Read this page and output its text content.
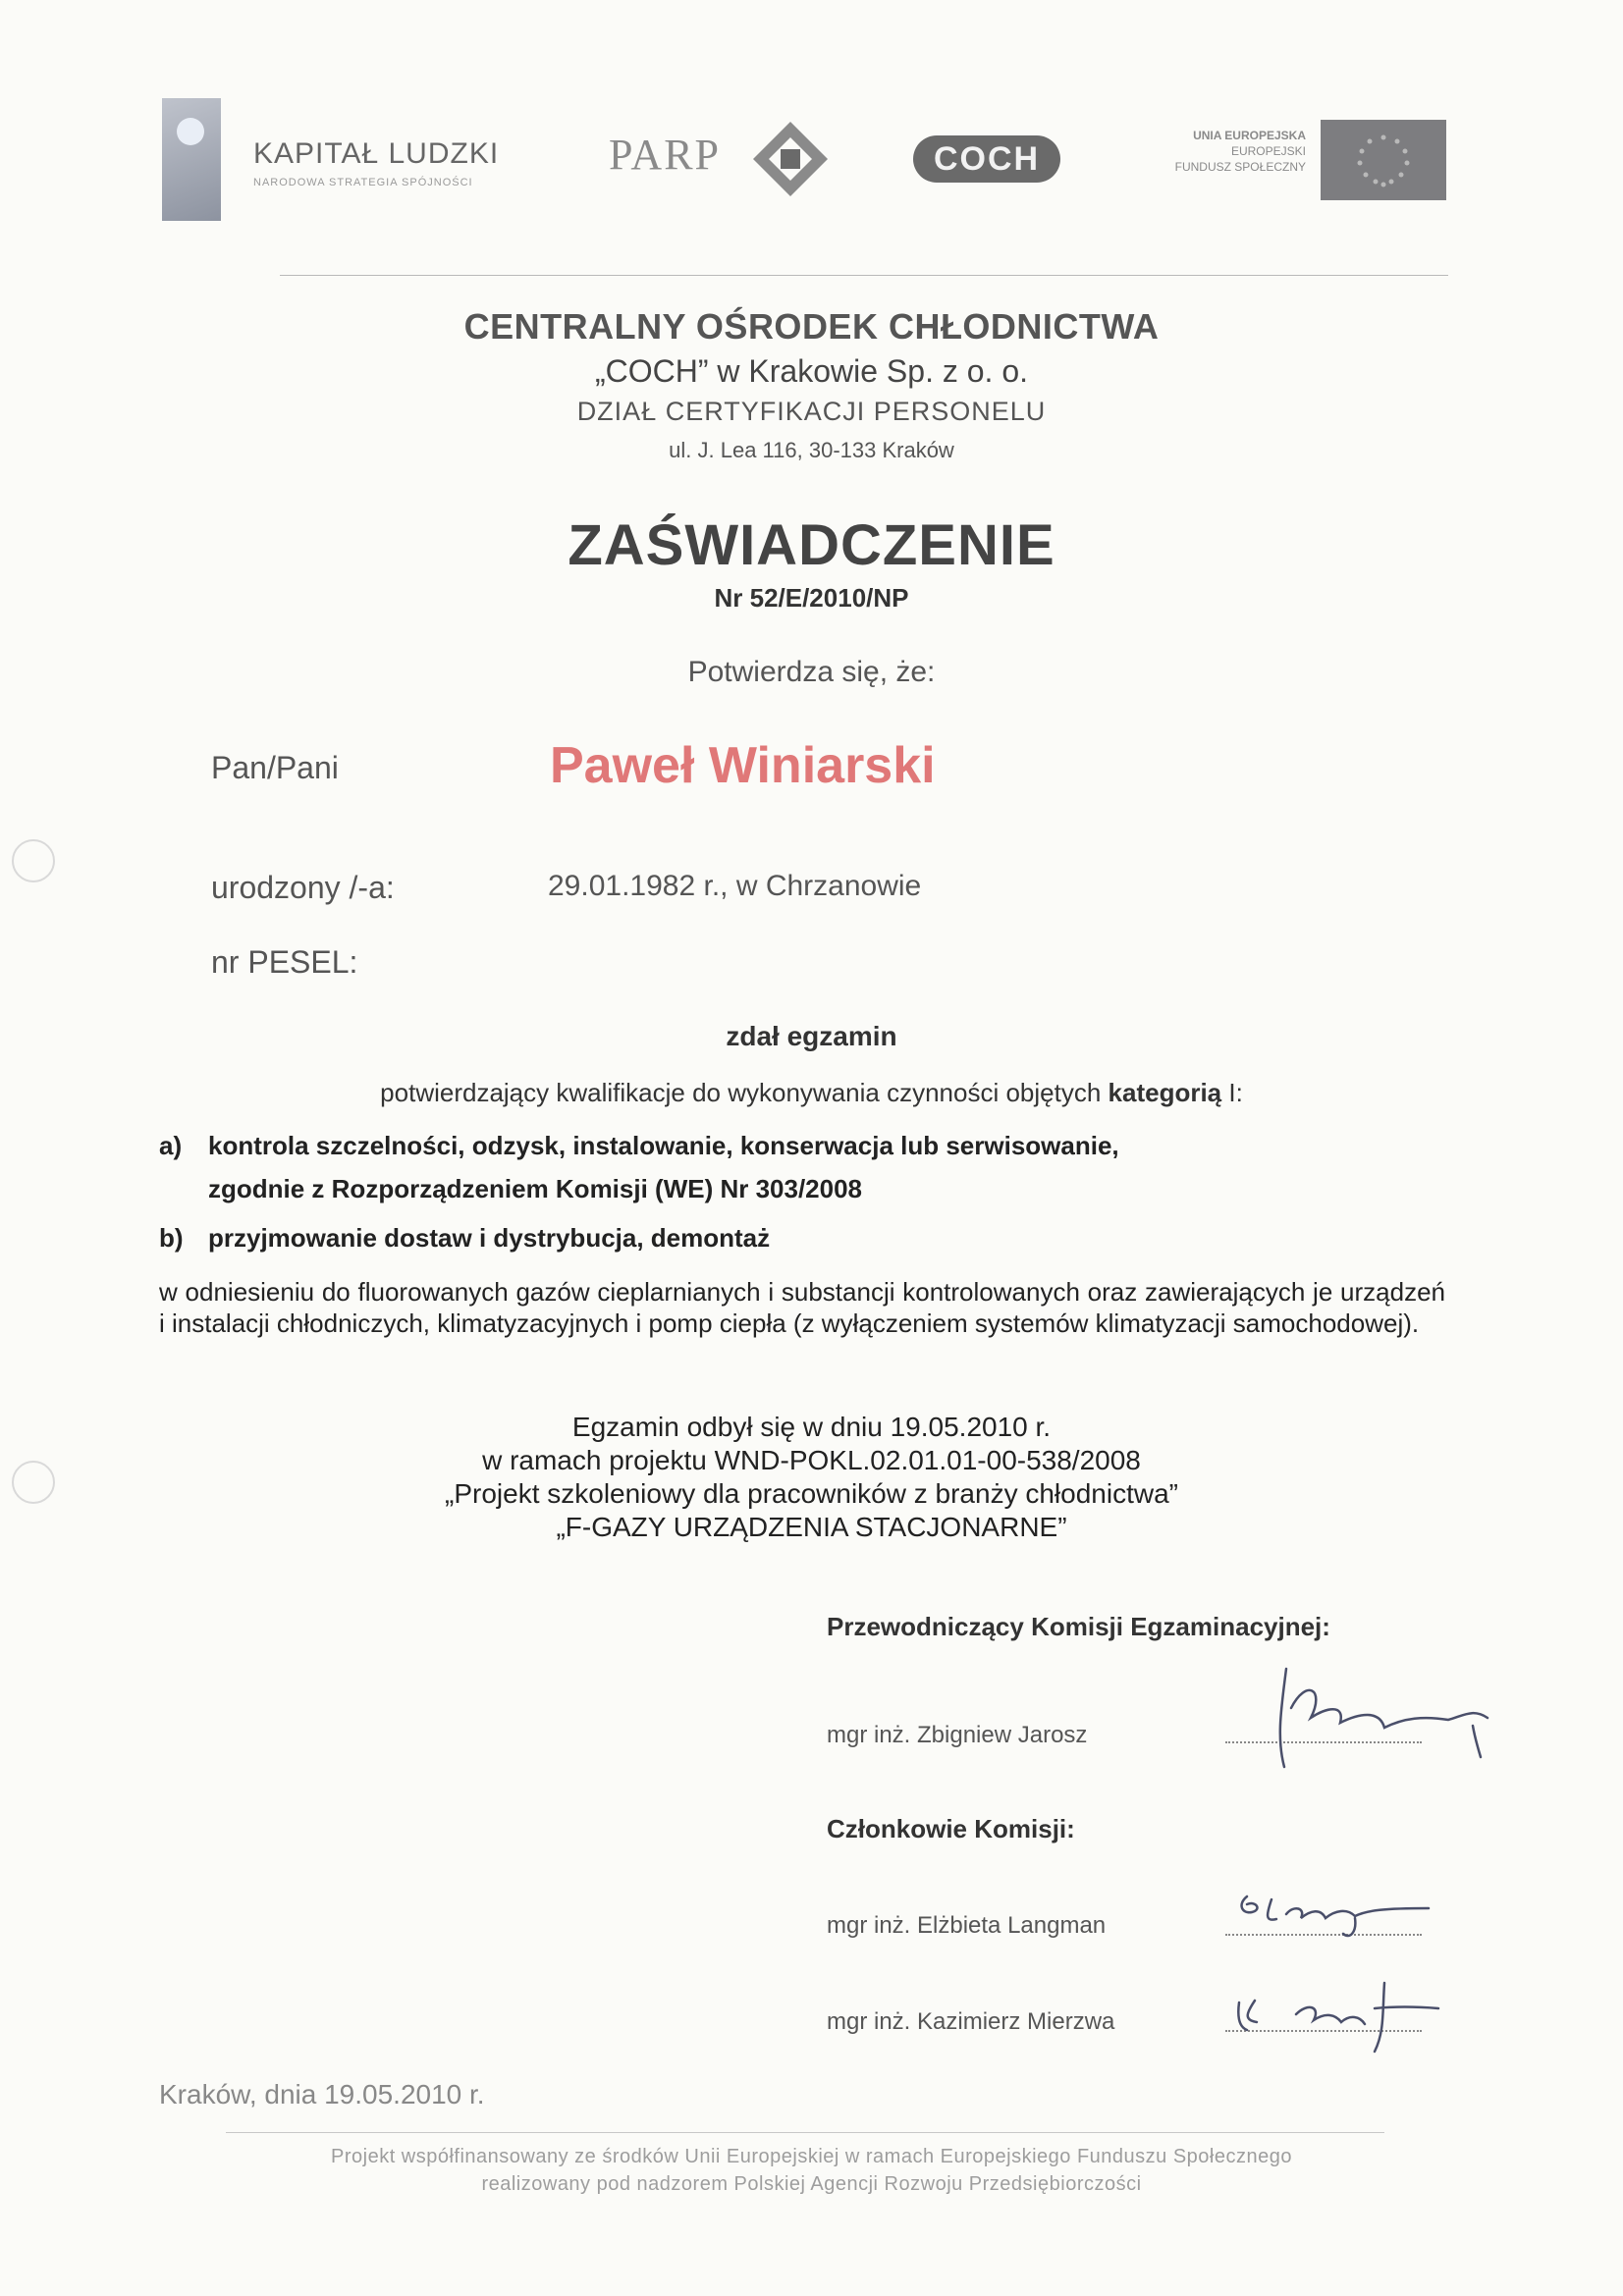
KAPITAŁ LUDZKI
NARODOWA STRATEGIA SPÓJNOŚCI
PARP	COCH
UNIA EUROPEJSKA
EUROPEJSKI
FUNDUSZ SPOŁECZNY
CENTRALNY OŚRODEK CHŁODNICTWA
„COCH” w Krakowie Sp. z o. o.
DZIAŁ CERTYFIKACJI PERSONELU
ul. J. Lea 116, 30-133 Kraków
ZAŚWIADCZENIE
Nr 52/E/2010/NP
Potwierdza się, że:
Pan/Pani	Paweł Winiarski
urodzony /-a:	29.01.1982 r., w Chrzanowie
nr PESEL:
zdał egzamin
potwierdzający kwalifikacje do wykonywania czynności objętych kategorią I:
a) kontrola szczelności, odzysk, instalowanie, konserwacja lub serwisowanie,
zgodnie z Rozporządzeniem Komisji (WE) Nr 303/2008
b) przyjmowanie dostaw i dystrybucja, demontaż
w odniesieniu do fluorowanych gazów cieplarnianych i substancji kontrolowanych oraz zawierających je urządzeń i instalacji chłodniczych, klimatyzacyjnych i pomp ciepła (z wyłączeniem systemów klimatyzacji samochodowej).
Egzamin odbył się w dniu 19.05.2010 r.
w ramach projektu WND-POKL.02.01.01-00-538/2008
„Projekt szkoleniowy dla pracowników z branży chłodnictwa”
„F-GAZY URZĄDZENIA STACJONARNE”
Przewodniczący Komisji Egzaminacyjnej:
mgr inż. Zbigniew Jarosz
Członkowie Komisji:
mgr inż. Elżbieta Langman
mgr inż. Kazimierz Mierzwa
Kraków, dnia 19.05.2010 r.
Projekt współfinansowany ze środków Unii Europejskiej w ramach Europejskiego Funduszu Społecznego
realizowany pod nadzorem Polskiej Agencji Rozwoju Przedsiębiorczości
